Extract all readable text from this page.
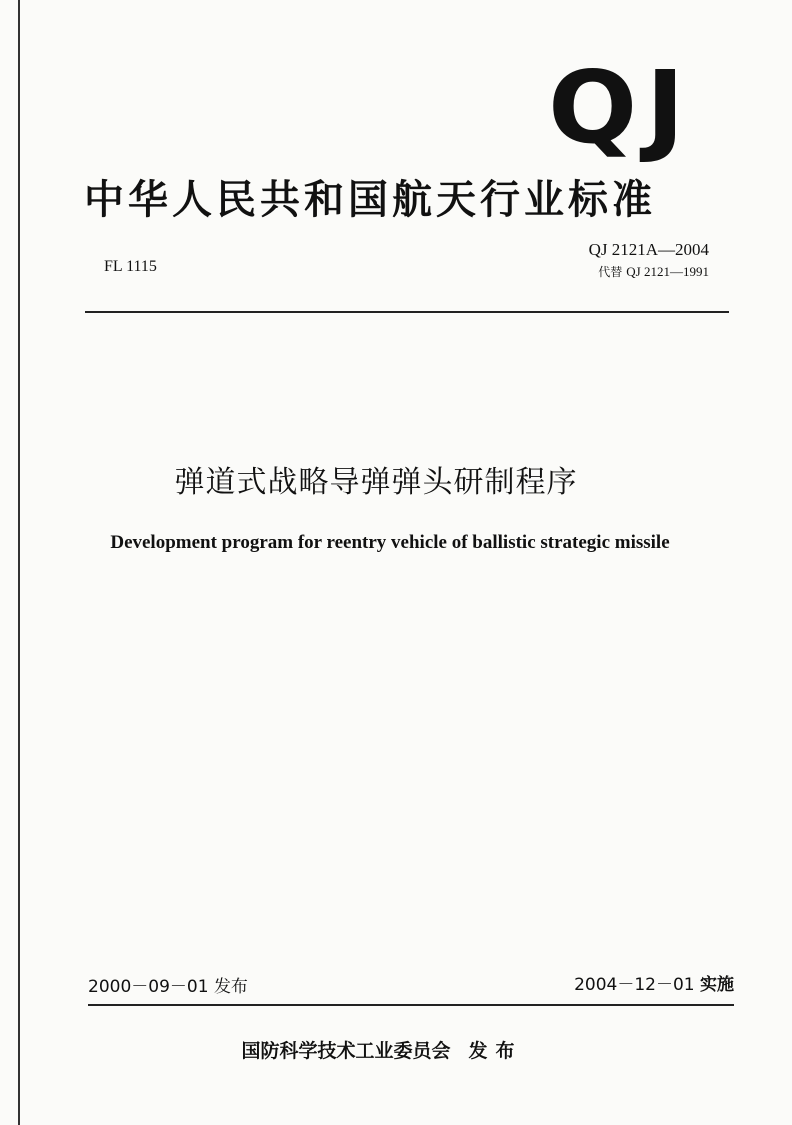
QJ
中华人民共和国航天行业标准
FL 1115
QJ 2121A—2004
代替 QJ 2121—1991
弹道式战略导弹弹头研制程序
Development program for reentry vehicle of ballistic strategic missile
2000－09－01 发布	2004－12－01 实施
国防科学技术工业委员会 发布
